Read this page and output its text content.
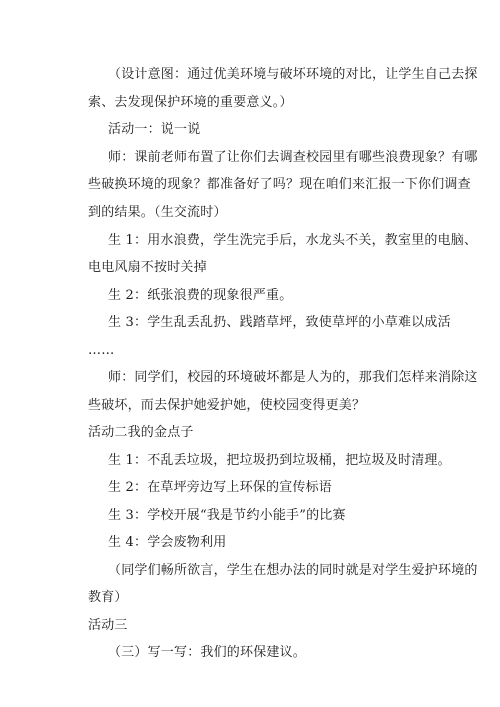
（设计意图：通过优美环境与破坏环境的对比，让学生自己去探
索、去发现保护环境的重要意义。）
活动一：说一说
师：课前老师布置了让你们去调查校园里有哪些浪费现象？有哪
些破换环境的现象？都准备好了吗？现在咱们来汇报一下你们调查
到的结果。（生交流时）
生 1：用水浪费，学生洗完手后，水龙头不关，教室里的电脑、
电电风扇不按时关掉
生 2：纸张浪费的现象很严重。
生 3：学生乱丢乱扔、践踏草坪，致使草坪的小草难以成活
……
师：同学们，校园的环境破坏都是人为的，那我们怎样来消除这
些破坏，而去保护她爱护她，使校园变得更美？
活动二我的金点子
生 1：不乱丢垃圾，把垃圾扔到垃圾桶，把垃圾及时清理。
生 2：在草坪旁边写上环保的宣传标语
生 3：学校开展“我是节约小能手”的比赛
生 4：学会废物利用
（同学们畅所欲言，学生在想办法的同时就是对学生爱护环境的
教育）
活动三
（三）写一写：我们的环保建议。
